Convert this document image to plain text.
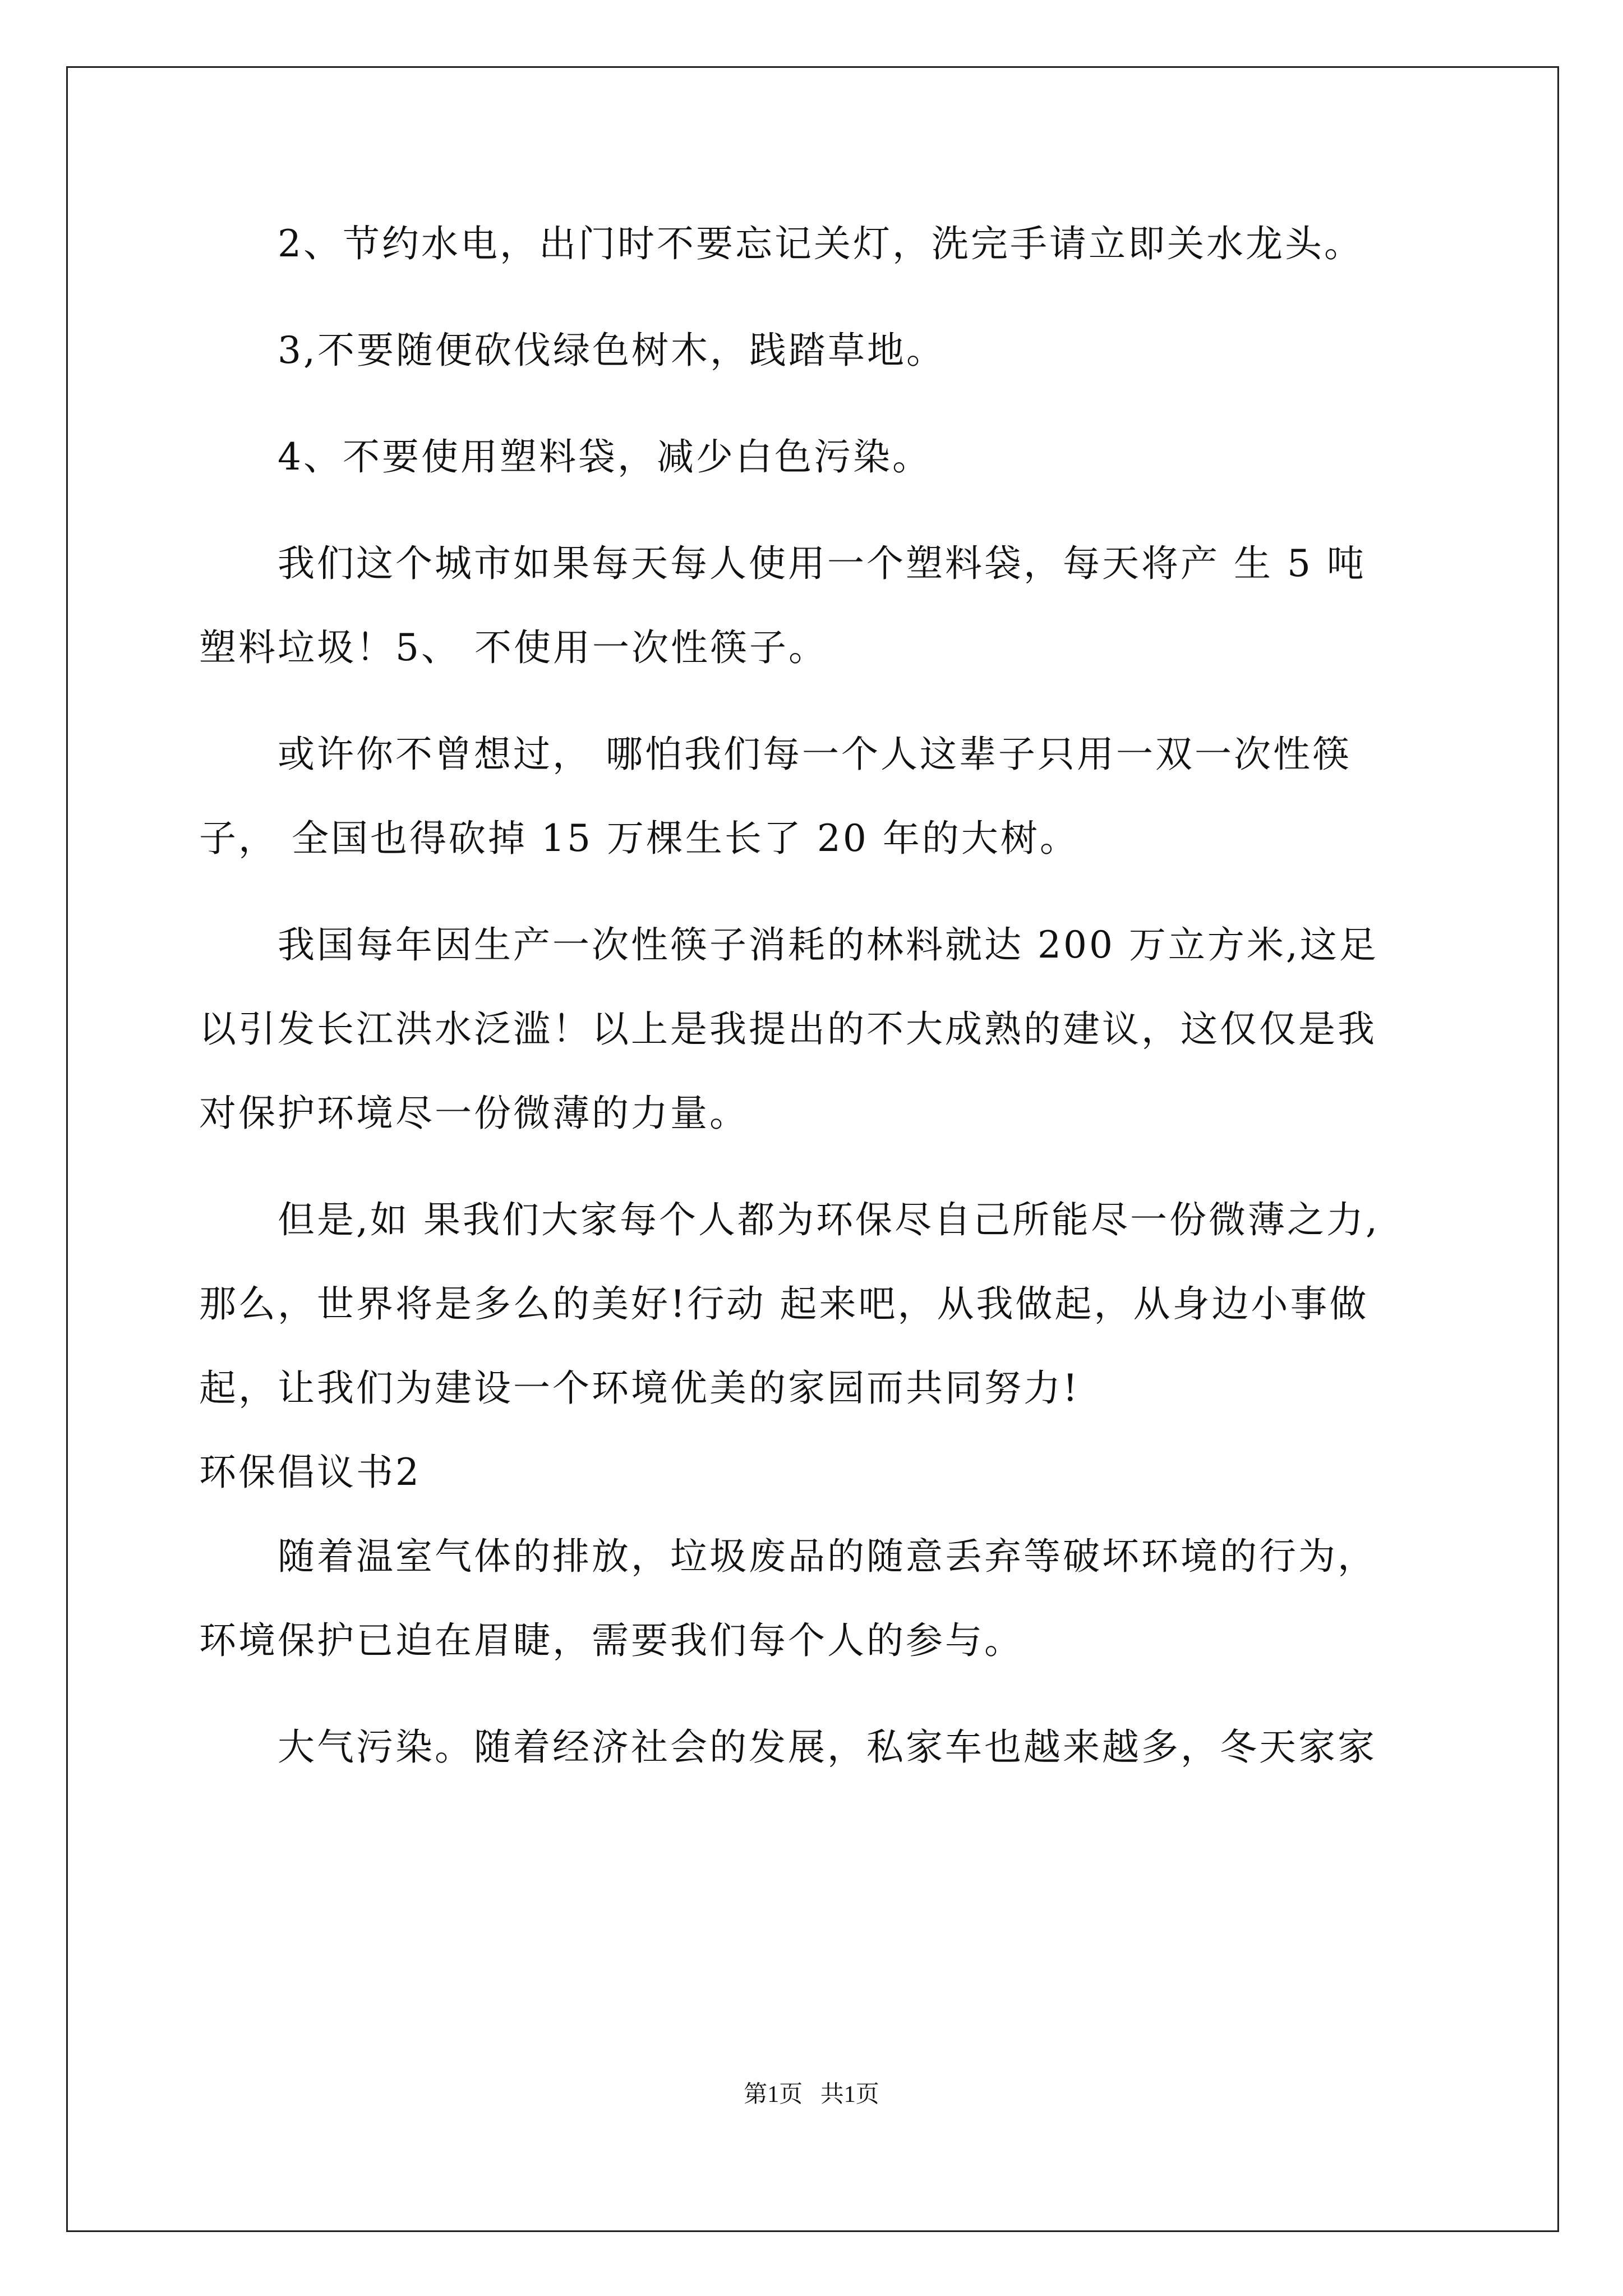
2、节约水电，出门时不要忘记关灯，洗完手请立即关水龙头。
3,不要随便砍伐绿色树木，践踏草地。
4、不要使用塑料袋，减少白色污染。
我们这个城市如果每天每人使用一个塑料袋，每天将产 生 5 吨
塑料垃圾！5、 不使用一次性筷子。
或许你不曾想过， 哪怕我们每一个人这辈子只用一双一次性筷
子， 全国也得砍掉 15 万棵生长了 20 年的大树。
我国每年因生产一次性筷子消耗的林料就达 200 万立方米,这足
以引发长江洪水泛滥！以上是我提出的不大成熟的建议，这仅仅是我
对保护环境尽一份微薄的力量。
但是,如 果我们大家每个人都为环保尽自己所能尽一份微薄之力,
那么，世界将是多么的美好!行动 起来吧，从我做起，从身边小事做
起，让我们为建设一个环境优美的家园而共同努力!
环保倡议书2
随着温室气体的排放，垃圾废品的随意丢弃等破坏环境的行为，
环境保护已迫在眉睫，需要我们每个人的参与。
大气污染。随着经济社会的发展，私家车也越来越多，冬天家家
第1页   共1页
